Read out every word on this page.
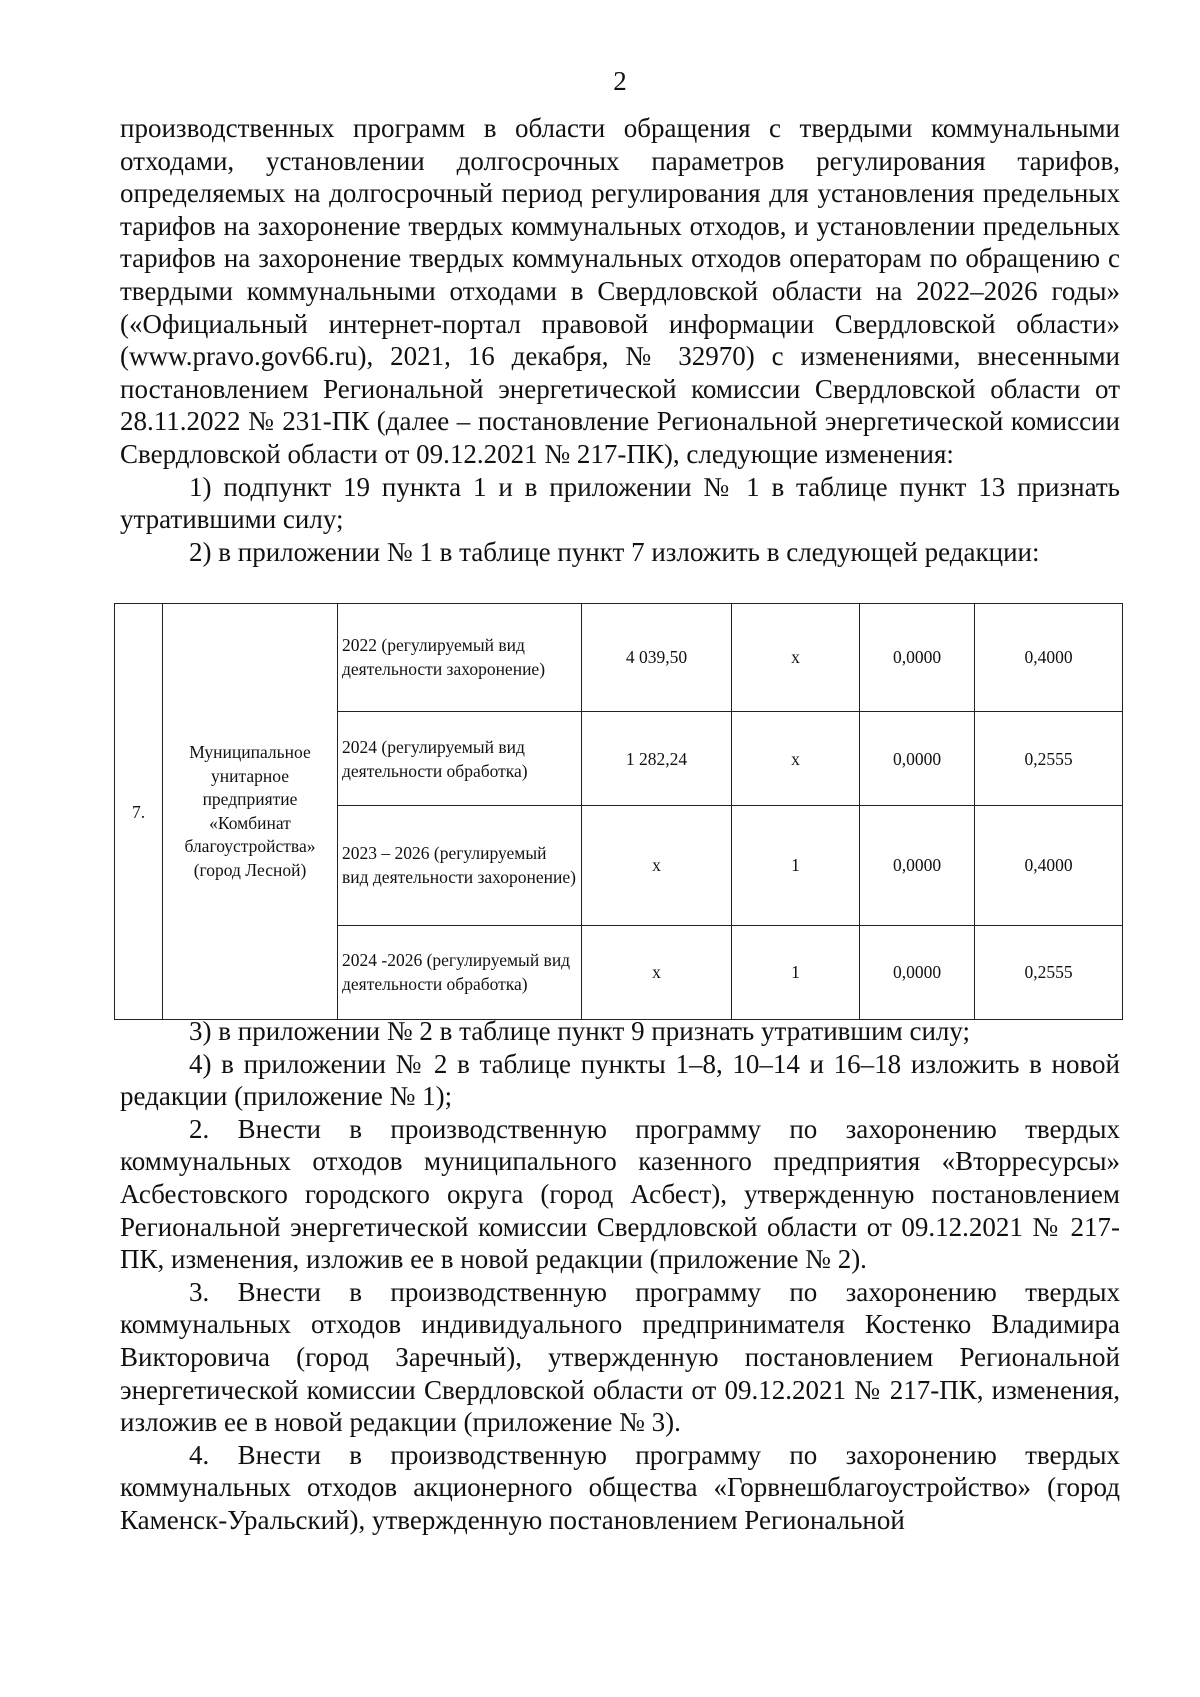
2

производственных программ в области обращения с твердыми коммунальными отходами, установлении долгосрочных параметров регулирования тарифов, определяемых на долгосрочный период регулирования для установления предельных тарифов на захоронение твердых коммунальных отходов, и установлении предельных тарифов на захоронение твердых коммунальных отходов операторам по обращению с твердыми коммунальными отходами в Свердловской области на 2022–2026 годы» («Официальный интернет-портал правовой информации Свердловской области» (www.pravo.gov66.ru), 2021, 16 декабря, № 32970) с изменениями, внесенными постановлением Региональной энергетической комиссии Свердловской области от 28.11.2022 № 231-ПК (далее – постановление Региональной энергетической комиссии Свердловской области от 09.12.2021 № 217-ПК), следующие изменения:

1) подпункт 19 пункта 1 и в приложении № 1 в таблице пункт 13 признать утратившими силу;

2) в приложении № 1 в таблице пункт 7 изложить в следующей редакции:

7.	Муниципальное унитарное предприятие «Комбинат благоустройства» (город Лесной)	2022 (регулируемый вид деятельности захоронение)	4 039,50	x	0,0000	0,4000
		2024 (регулируемый вид деятельности обработка)	1 282,24	x	0,0000	0,2555
		2023 – 2026 (регулируемый вид деятельности захоронение)	x	1	0,0000	0,4000
		2024 -2026 (регулируемый вид деятельности обработка)	x	1	0,0000	0,2555

3) в приложении № 2 в таблице пункт 9 признать утратившим силу;

4) в приложении № 2 в таблице пункты 1–8, 10–14 и 16–18 изложить в новой редакции (приложение № 1);

2. Внести в производственную программу по захоронению твердых коммунальных отходов муниципального казенного предприятия «Вторресурсы» Асбестовского городского округа (город Асбест), утвержденную постановлением Региональной энергетической комиссии Свердловской области от 09.12.2021 № 217-ПК, изменения, изложив ее в новой редакции (приложение № 2).

3. Внести в производственную программу по захоронению твердых коммунальных отходов индивидуального предпринимателя Костенко Владимира Викторовича (город Заречный), утвержденную постановлением Региональной энергетической комиссии Свердловской области от 09.12.2021 № 217-ПК, изменения, изложив ее в новой редакции (приложение № 3).

4. Внести в производственную программу по захоронению твердых коммунальных отходов акционерного общества «Горвнешблагоустройство» (город Каменск-Уральский), утвержденную постановлением Региональной
